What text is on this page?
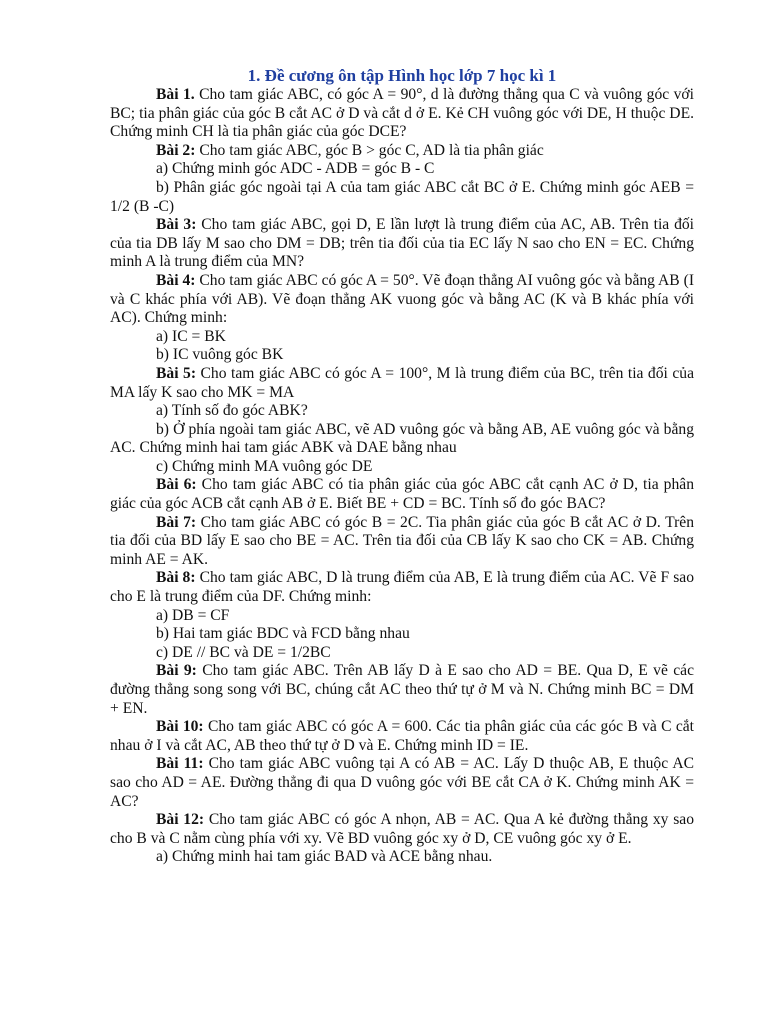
1. Đề cương ôn tập Hình học lớp 7 học kì 1

Bài 1. Cho tam giác ABC, có góc A = 90°, d là đường thẳng qua C và vuông góc với BC; tia phân giác của góc B cắt AC ở D và cắt d ở E. Kẻ CH vuông góc với DE, H thuộc DE. Chứng minh CH là tia phân giác của góc DCE?

Bài 2: Cho tam giác ABC, góc B > góc C, AD là tia phân giác

a) Chứng minh góc ADC - ADB = góc B - C

b) Phân giác góc ngoài tại A của tam giác ABC cắt BC ở E. Chứng minh góc AEB = 1/2 (B -C)

Bài 3: Cho tam giác ABC, gọi D, E lần lượt là trung điểm của AC, AB. Trên tia đối của tia DB lấy M sao cho DM = DB; trên tia đối của tia EC lấy N sao cho EN = EC. Chứng minh A là trung điểm của MN?

Bài 4: Cho tam giác ABC có góc A = 50°. Vẽ đoạn thẳng AI vuông góc và bằng AB (I và C khác phía với AB). Vẽ đoạn thẳng AK vuong góc và bằng AC (K và B khác phía với AC). Chứng minh:

a) IC = BK

b) IC vuông góc BK

Bài 5: Cho tam giác ABC có góc A = 100°, M là trung điểm của BC, trên tia đối của MA lấy K sao cho MK = MA

a) Tính số đo góc ABK?

b) Ở phía ngoài tam giác ABC, vẽ AD vuông góc và bằng AB, AE vuông góc và bằng AC. Chứng minh hai tam giác ABK và DAE bằng nhau

c) Chứng minh MA vuông góc DE

Bài 6: Cho tam giác ABC có tia phân giác của góc ABC cắt cạnh AC ở D, tia phân giác của góc ACB cắt cạnh AB ở E. Biết BE + CD = BC. Tính số đo góc BAC?

Bài 7: Cho tam giác ABC có góc B = 2C. Tia phân giác của góc B cắt AC ở D. Trên tia đối của BD lấy E sao cho BE = AC. Trên tia đối của CB lấy K sao cho CK = AB. Chứng minh AE = AK.

Bài 8: Cho tam giác ABC, D là trung điểm của AB, E là trung điểm của AC. Vẽ F sao cho E là trung điểm của DF. Chứng minh:

a) DB = CF

b) Hai tam giác BDC và FCD bằng nhau

c) DE // BC và DE = 1/2BC

Bài 9: Cho tam giác ABC. Trên AB lấy D à E sao cho AD = BE. Qua D, E vẽ các đường thẳng song song với BC, chúng cắt AC theo thứ tự ở M và N. Chứng minh BC = DM + EN.

Bài 10: Cho tam giác ABC có góc A = 600. Các tia phân giác của các góc B và C cắt nhau ở I và cắt AC, AB theo thứ tự ở D và E. Chứng minh ID = IE.

Bài 11: Cho tam giác ABC vuông tại A có AB = AC. Lấy D thuộc AB, E thuộc AC sao cho AD = AE. Đường thẳng đi qua D vuông góc với BE cắt CA ở K. Chứng minh AK = AC?

Bài 12: Cho tam giác ABC có góc A nhọn, AB = AC. Qua A kẻ đường thẳng xy sao cho B và C nằm cùng phía với xy. Vẽ BD vuông góc xy ở D, CE vuông góc xy ở E.

a) Chứng minh hai tam giác BAD và ACE bằng nhau.
